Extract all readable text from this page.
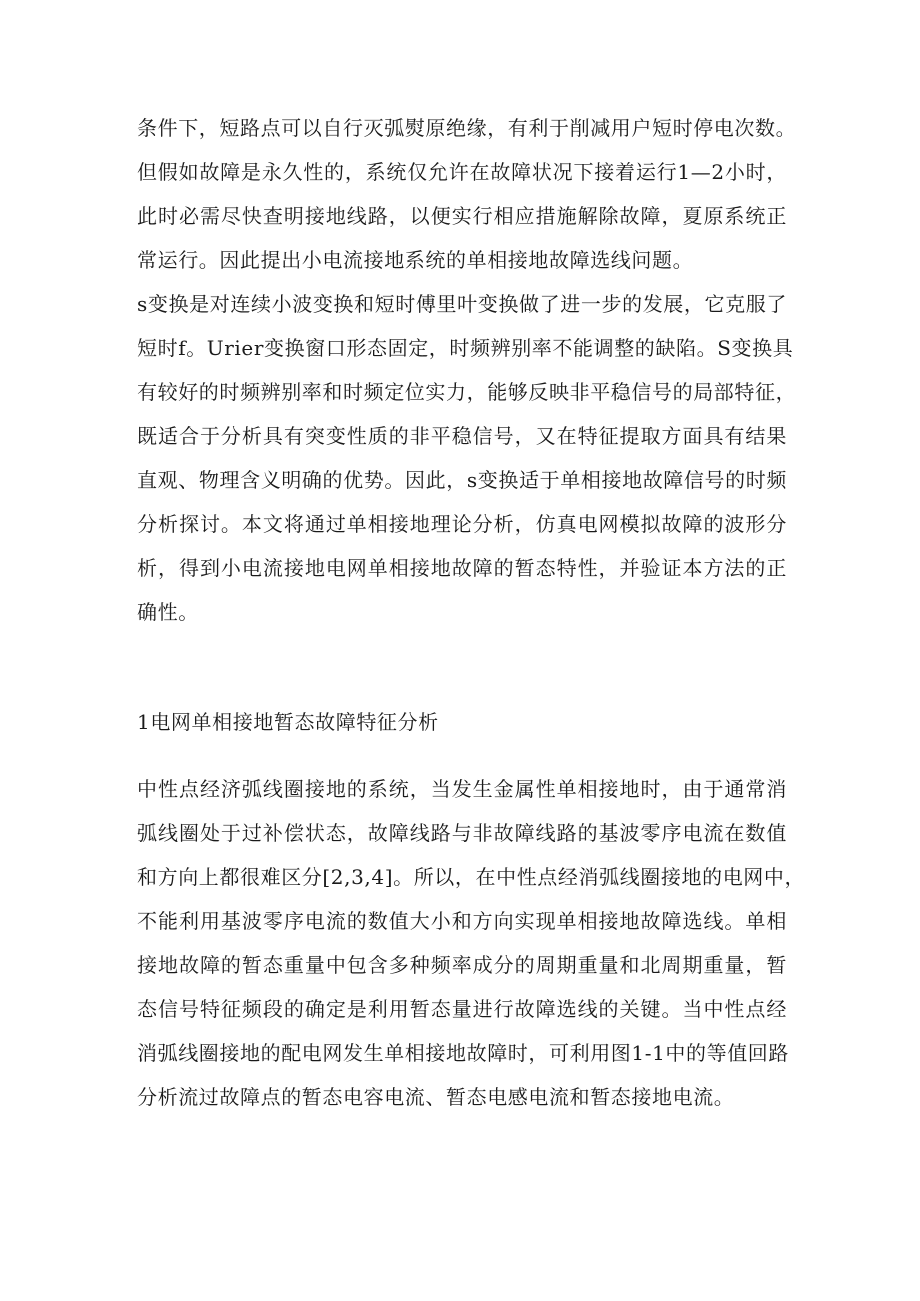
条件下，短路点可以自行灭弧熨原绝缘，有利于削减用户短时停电次数。
但假如故障是永久性的，系统仅允许在故障状况下接着运行1—2小时，
此时必需尽快查明接地线路，以便实行相应措施解除故障，夏原系统正
常运行。因此提出小电流接地系统的单相接地故障选线问题。
s变换是对连续小波变换和短时傅里叶变换做了进一步的发展，它克服了
短时f。Urier变换窗口形态固定，时频辨别率不能调整的缺陷。S变换具
有较好的时频辨别率和时频定位实力，能够反映非平稳信号的局部特征，
既适合于分析具有突变性质的非平稳信号，又在特征提取方面具有结果
直观、物理含义明确的优势。因此，s变换适于单相接地故障信号的时频
分析探讨。本文将通过单相接地理论分析，仿真电网模拟故障的波形分
析，得到小电流接地电网单相接地故障的暂态特性，并验证本方法的正
确性。
1电网单相接地暂态故障特征分析
中性点经济弧线圈接地的系统，当发生金属性单相接地时，由于通常消
弧线圈处于过补偿状态，故障线路与非故障线路的基波零序电流在数值
和方向上都很难区分[2,3,4]。所以，在中性点经消弧线圈接地的电网中，
不能利用基波零序电流的数值大小和方向实现单相接地故障选线。单相
接地故障的暂态重量中包含多种频率成分的周期重量和北周期重量，暂
态信号特征频段的确定是利用暂态量进行故障选线的关键。当中性点经
消弧线圈接地的配电网发生单相接地故障时，可利用图1-1中的等值回路
分析流过故障点的暂态电容电流、暂态电感电流和暂态接地电流。
